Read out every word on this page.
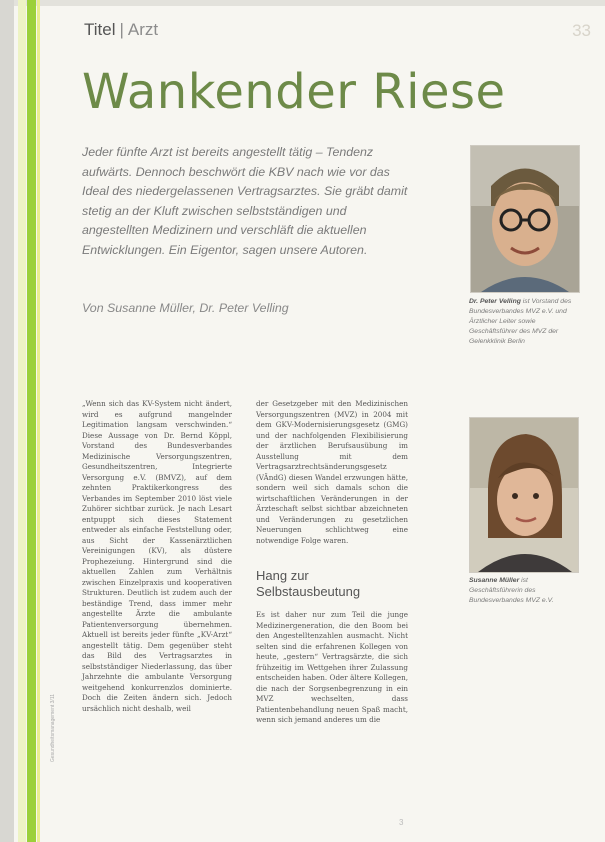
Gesundheitsmanagement 3/11
Titel | Arzt	33
Wankender Riese
Jeder fünfte Arzt ist bereits angestellt tätig – Tendenz aufwärts. Dennoch beschwört die KBV nach wie vor das Ideal des niedergelassenen Vertragsarztes. Sie gräbt damit stetig an der Kluft zwischen selbstständigen und angestellten Medizinern und verschläft die aktuellen Entwicklungen. Ein Eigentor, sagen unsere Autoren.
Von Susanne Müller, Dr. Peter Velling	Dr. Peter Velling ist Vorstand des Bundesverbandes MVZ e.V. und Ärztlicher Leiter sowie Geschäftsführer des MVZ der Gelenkklinik Berlin
Susanne Müller ist Geschäftsführerin des Bundesverbandes MVZ e.V.

„Wenn sich das KV-System nicht ändert, wird es aufgrund mangelnder Legitimation langsam verschwinden.“ Diese Aussage von Dr. Bernd Köppl, Vorstand des Bundesverbandes Medizinische Versorgungszentren, Gesundheitszentren, Integrierte Versorgung e.V. (BMVZ), auf dem zehnten Praktikerkongress des Verbandes im September 2010 löst viele Zuhörer sichtbar zurück. Je nach Lesart entpuppt sich dieses Statement entweder als einfache Feststellung oder, aus Sicht der Kassenärztlichen Vereinigungen (KV), als düstere Prophezeiung. Hintergrund sind die aktuellen Zahlen zum Verhältnis zwischen Einzelpraxis und kooperativen Strukturen. Deutlich ist zudem auch der beständige Trend, dass immer mehr angestellte Ärzte die ambulante Patientenversorgung übernehmen. Aktuell ist bereits jeder fünfte „KV-Arzt“ angestellt tätig. Dem gegenüber steht das Bild des Vertragsarztes in selbstständiger Niederlassung, das über Jahrzehnte die ambulante Versorgung weitgehend konkurrenzlos dominierte. Doch die Zeiten ändern sich. Jedoch ursächlich nicht deshalb, weil

der Gesetzgeber mit den Medizinischen Versorgungszentren (MVZ) in 2004 mit dem GKV-Modernisierungsgesetz (GMG) und der nachfolgenden Flexibilisierung der ärztlichen Berufsausübung im Ausstellung mit dem Vertragsarztrechtsänderungsgesetz (VÄndG) diesen Wandel erzwungen hätte, sondern weil sich damals schon die wirtschaftlichen Veränderungen in der Ärzteschaft selbst sichtbar abzeichneten und Veränderungen zu gesetzlichen Neuerungen schlichtweg eine notwendige Folge waren.

Hang zur Selbstausbeutung

Es ist daher nur zum Teil die junge Medizinergeneration, die den Boom bei den Angestelltenzahlen ausmacht. Nicht selten sind die erfahrenen Kollegen von heute, „gestern“ Vertragsärzte, die sich frühzeitig im Wettgehen ihrer Zulassung entscheiden haben. Oder ältere Kollegen, die nach der Sorgsenbegrenzung in ein MVZ wechselten, dass Patientenbehandlung neuen Spaß macht, wenn sich jemand anderes um die

3
